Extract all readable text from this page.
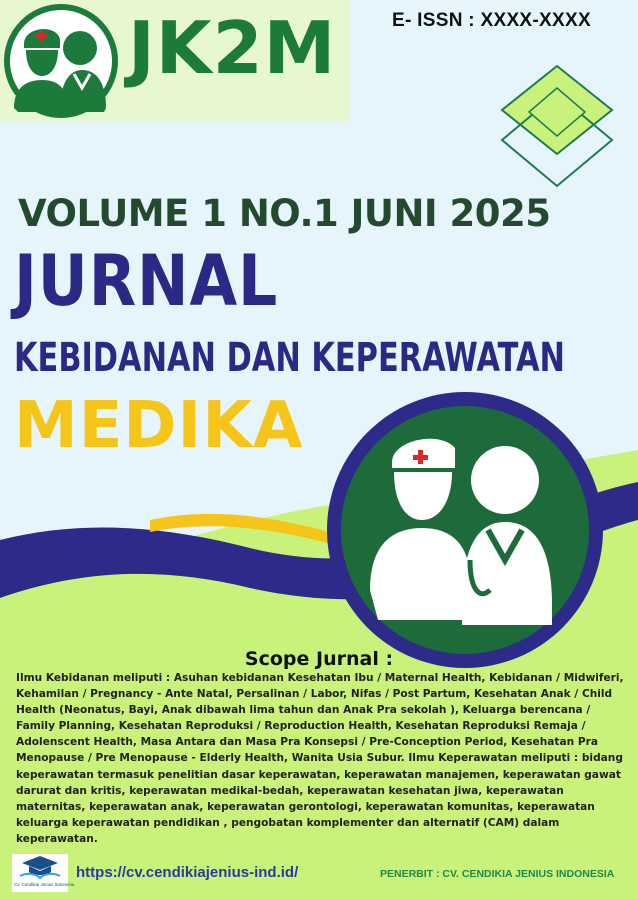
JK2M	E- ISSN : XXXX-XXXX
VOLUME 1 NO.1 JUNI 2025
JURNAL
KEBIDANAN DAN KEPERAWATAN
MEDIKA
Scope Jurnal :
Ilmu Kebidanan meliputi : Asuhan kebidanan Kesehatan Ibu / Maternal Health, Kebidanan / Midwiferi, Kehamilan / Pregnancy - Ante Natal, Persalinan / Labor, Nifas / Post Partum, Kesehatan Anak / Child Health (Neonatus, Bayi, Anak dibawah lima tahun dan Anak Pra sekolah ), Keluarga berencana / Family Planning, Kesehatan Reproduksi / Reproduction Health, Kesehatan Reproduksi Remaja / Adolenscent Health, Masa Antara dan Masa Pra Konsepsi / Pre-Conception Period, Kesehatan Pra Menopause / Pre Menopause - Elderly Health, Wanita Usia Subur. Ilmu Keperawatan meliputi : bidang keperawatan termasuk penelitian dasar keperawatan, keperawatan manajemen, keperawatan gawat darurat dan kritis, keperawatan medikal-bedah, keperawatan kesehatan jiwa, keperawatan maternitas, keperawatan anak, keperawatan gerontologi, keperawatan komunitas, keperawatan keluarga keperawatan pendidikan , pengobatan komplementer dan alternatif (CAM) dalam keperawatan.
Cv. Cendikia Jenius Indonesia
https://cv.cendikiajenius-ind.id/	PENERBIT : CV. CENDIKIA JENIUS INDONESIA
